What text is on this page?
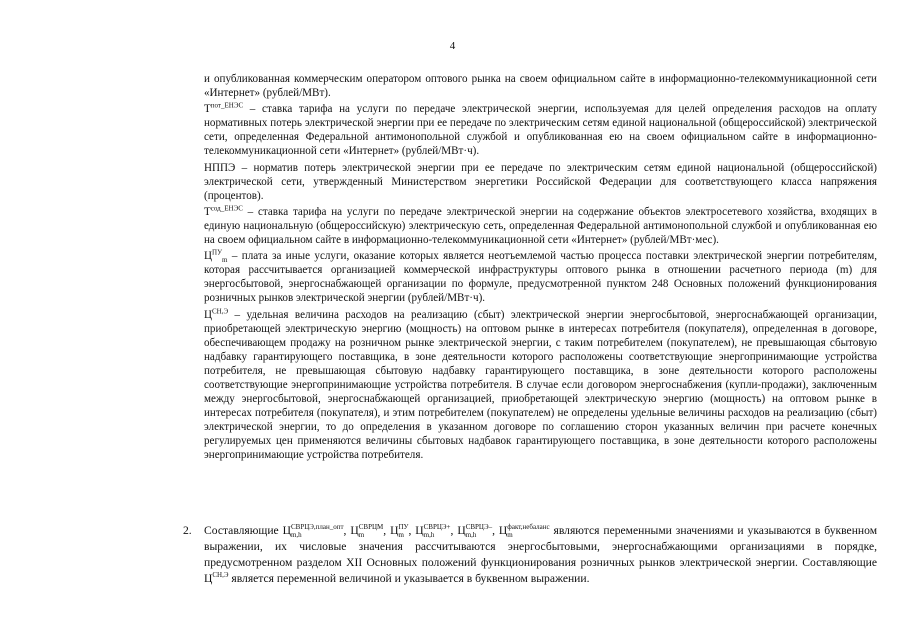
4

и опубликованная коммерческим оператором оптового рынка на своем официальном сайте в информационно-телекоммуникационной сети «Интернет» (рублей/МВт).

$Т^{пот\_ЕНЭС}$ – ставка тарифа на услуги по передаче электрической энергии, используемая для целей определения расходов на оплату нормативных потерь электрической энергии при ее передаче по электрическим сетям единой национальной (общероссийской) электрической сети, определенная Федеральной антимонопольной службой и опубликованная ею на своем официальном сайте в информационно-телекоммуникационной сети «Интернет» (рублей/МВт·ч).

НППЭ – норматив потерь электрической энергии при ее передаче по электрическим сетям единой национальной (общероссийской) электрической сети, утвержденный Министерством энергетики Российской Федерации для соответствующего класса напряжения (процентов).

$Т^{сод\_ЕНЭС}$ – ставка тарифа на услуги по передаче электрической энергии на содержание объектов электросетевого хозяйства, входящих в единую национальную (общероссийскую) электрическую сеть, определенная Федеральной антимонопольной службой и опубликованная ею на своем официальном сайте в информационно-телекоммуникационной сети «Интернет» (рублей/МВт·мес).

$Ц^{ПУ}_m$ – плата за иные услуги, оказание которых является неотъемлемой частью процесса поставки электрической энергии потребителям, которая рассчитывается организацией коммерческой инфраструктуры оптового рынка в отношении расчетного периода (m) для энергосбытовой, энергоснабжающей организации по формуле, предусмотренной пунктом 248 Основных положений функционирования розничных рынков электрической энергии (рублей/МВт·ч).

$Ц^{СН,Э}$ – удельная величина расходов на реализацию (сбыт) электрической энергии энергосбытовой, энергоснабжающей организации, приобретающей электрическую энергию (мощность) на оптовом рынке в интересах потребителя (покупателя), определенная в договоре, обеспечивающем продажу на розничном рынке электрической энергии, с таким потребителем (покупателем), не превышающая сбытовую надбавку гарантирующего поставщика, в зоне деятельности которого расположены соответствующие энергопринимающие устройства потребителя, не превышающая сбытовую надбавку гарантирующего поставщика, в зоне деятельности которого расположены соответствующие энергопринимающие устройства потребителя. В случае если договором энергоснабжения (купли-продажи), заключенным между энергосбытовой, энергоснабжающей организацией, приобретающей электрическую энергию (мощность) на оптовом рынке в интересах потребителя (покупателя), и этим потребителем (покупателем) не определены удельные величины расходов на реализацию (сбыт) электрической энергии, то до определения в указанном договоре по соглашению сторон указанных величин при расчете конечных регулируемых цен применяются величины сбытовых надбавок гарантирующего поставщика, в зоне деятельности которого расположены энергопринимающие устройства потребителя.

2. Составляющие Ц СВРЦЭ,план_опт
m,h	, Ц СВРЦМ
m	, Ц ПУ
m , Ц СВРЦЭ+
m,h	, Ц СВРЦЭ–
m,h	, Ц факт,небаланс
m	являются переменными значениями и указываются в буквенном выражении, их числовые значения рассчитываются энергосбытовыми, энергоснабжающими организациями в порядке, предусмотренном разделом XII Основных положений функционирования розничных рынков электрической энергии. Составляющие $Ц^{СН,Э}$ является переменной величиной и указывается в буквенном выражении.
